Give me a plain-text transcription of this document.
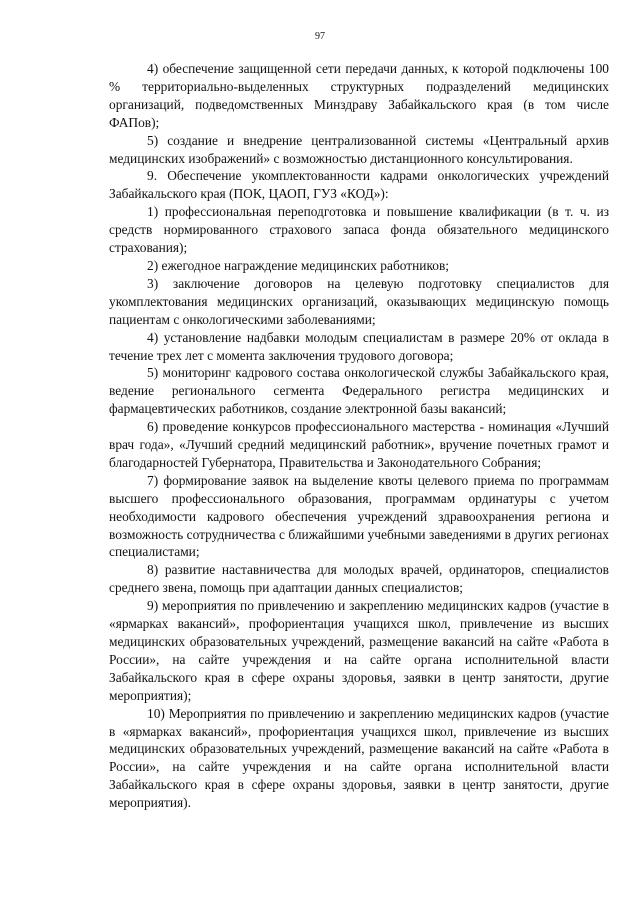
97

4) обеспечение защищенной сети передачи данных, к которой подключены 100 % территориально-выделенных структурных подразделений медицинских организаций, подведомственных Минздраву Забайкальского края (в том числе ФАПов);

5) создание и внедрение централизованной системы «Центральный архив медицинских изображений» с возможностью дистанционного консультирования.

9. Обеспечение укомплектованности кадрами онкологических учреждений Забайкальского края (ПОК, ЦАОП, ГУЗ «КОД»):

1) профессиональная переподготовка и повышение квалификации (в т. ч. из средств нормированного страхового запаса фонда обязательного медицинского страхования);

2) ежегодное награждение медицинских работников;

3) заключение договоров на целевую подготовку специалистов для укомплектования медицинских организаций, оказывающих медицинскую помощь пациентам с онкологическими заболеваниями;

4) установление надбавки молодым специалистам в размере 20% от оклада в течение трех лет с момента заключения трудового договора;

5) мониторинг кадрового состава онкологической службы Забайкальского края, ведение регионального сегмента Федерального регистра медицинских и фармацевтических работников, создание электронной базы вакансий;

6) проведение конкурсов профессионального мастерства - номинация «Лучший врач года», «Лучший средний медицинский работник», вручение почетных грамот и благодарностей Губернатора, Правительства и Законодательного Собрания;

7) формирование заявок на выделение квоты целевого приема по программам высшего профессионального образования, программам ординатуры с учетом необходимости кадрового обеспечения учреждений здравоохранения региона и возможность сотрудничества с ближайшими учебными заведениями в других регионах специалистами;

8) развитие наставничества для молодых врачей, ординаторов, специалистов среднего звена, помощь при адаптации данных специалистов;

9) мероприятия по привлечению и закреплению медицинских кадров (участие в «ярмарках вакансий», профориентация учащихся школ, привлечение из высших медицинских образовательных учреждений, размещение вакансий на сайте «Работа в России», на сайте учреждения и на сайте органа исполнительной власти Забайкальского края в сфере охраны здоровья, заявки в центр занятости, другие мероприятия);

10) Мероприятия по привлечению и закреплению медицинских кадров (участие в «ярмарках вакансий», профориентация учащихся школ, привлечение из высших медицинских образовательных учреждений, размещение вакансий на сайте «Работа в России», на сайте учреждения и на сайте органа исполнительной власти Забайкальского края в сфере охраны здоровья, заявки в центр занятости, другие мероприятия).
